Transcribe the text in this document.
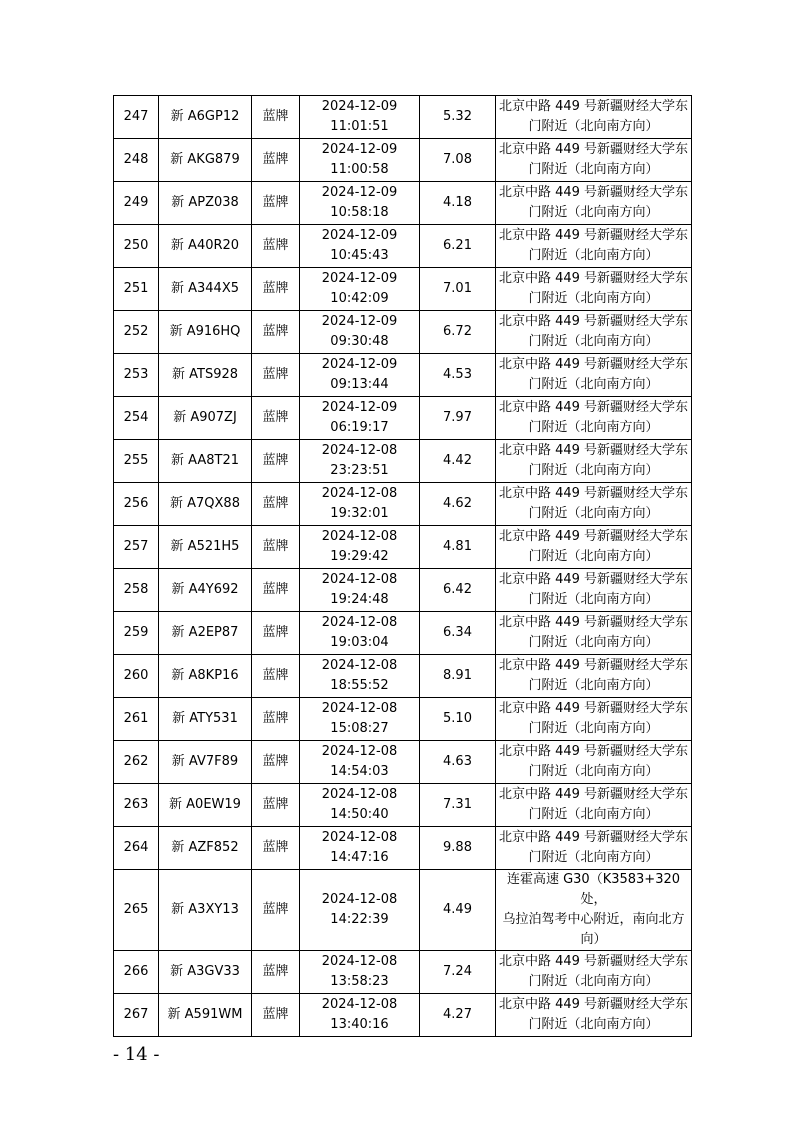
247	新 A6GP12	蓝牌	2024-12-09
11:01:51	5.32	北京中路 449 号新疆财经大学东
门附近（北向南方向）

248	新 AKG879	蓝牌	2024-12-09
11:00:58	7.08	北京中路 449 号新疆财经大学东
门附近（北向南方向）

249	新 APZ038	蓝牌	2024-12-09
10:58:18	4.18	北京中路 449 号新疆财经大学东
门附近（北向南方向）

250	新 A40R20	蓝牌	2024-12-09
10:45:43	6.21	北京中路 449 号新疆财经大学东
门附近（北向南方向）

251	新 A344X5	蓝牌	2024-12-09
10:42:09	7.01	北京中路 449 号新疆财经大学东
门附近（北向南方向）

252	新 A916HQ	蓝牌	2024-12-09
09:30:48	6.72	北京中路 449 号新疆财经大学东
门附近（北向南方向）

253	新 ATS928	蓝牌	2024-12-09
09:13:44	4.53	北京中路 449 号新疆财经大学东
门附近（北向南方向）

254	新 A907ZJ	蓝牌	2024-12-09
06:19:17	7.97	北京中路 449 号新疆财经大学东
门附近（北向南方向）

255	新 AA8T21	蓝牌	2024-12-08
23:23:51	4.42	北京中路 449 号新疆财经大学东
门附近（北向南方向）

256	新 A7QX88	蓝牌	2024-12-08
19:32:01	4.62	北京中路 449 号新疆财经大学东
门附近（北向南方向）

257	新 A521H5	蓝牌	2024-12-08
19:29:42	4.81	北京中路 449 号新疆财经大学东
门附近（北向南方向）

258	新 A4Y692	蓝牌	2024-12-08
19:24:48	6.42	北京中路 449 号新疆财经大学东
门附近（北向南方向）

259	新 A2EP87	蓝牌	2024-12-08
19:03:04	6.34	北京中路 449 号新疆财经大学东
门附近（北向南方向）

260	新 A8KP16	蓝牌	2024-12-08
18:55:52	8.91	北京中路 449 号新疆财经大学东
门附近（北向南方向）

261	新 ATY531	蓝牌	2024-12-08
15:08:27	5.10	北京中路 449 号新疆财经大学东
门附近（北向南方向）

262	新 AV7F89	蓝牌	2024-12-08
14:54:03	4.63	北京中路 449 号新疆财经大学东
门附近（北向南方向）

263	新 A0EW19	蓝牌	2024-12-08
14:50:40	7.31	北京中路 449 号新疆财经大学东
门附近（北向南方向）

264	新 AZF852	蓝牌	2024-12-08
14:47:16	9.88	北京中路 449 号新疆财经大学东
门附近（北向南方向）

265	新 A3XY13	蓝牌	2024-12-08
14:22:39	4.49	连霍高速 G30（K3583+320 处，
乌拉泊驾考中心附近，南向北方
向）

266	新 A3GV33	蓝牌	2024-12-08
13:58:23	7.24	北京中路 449 号新疆财经大学东
门附近（北向南方向）

267	新 A591WM	蓝牌	2024-12-08
13:40:16	4.27	北京中路 449 号新疆财经大学东
门附近（北向南方向）
- 14 -
